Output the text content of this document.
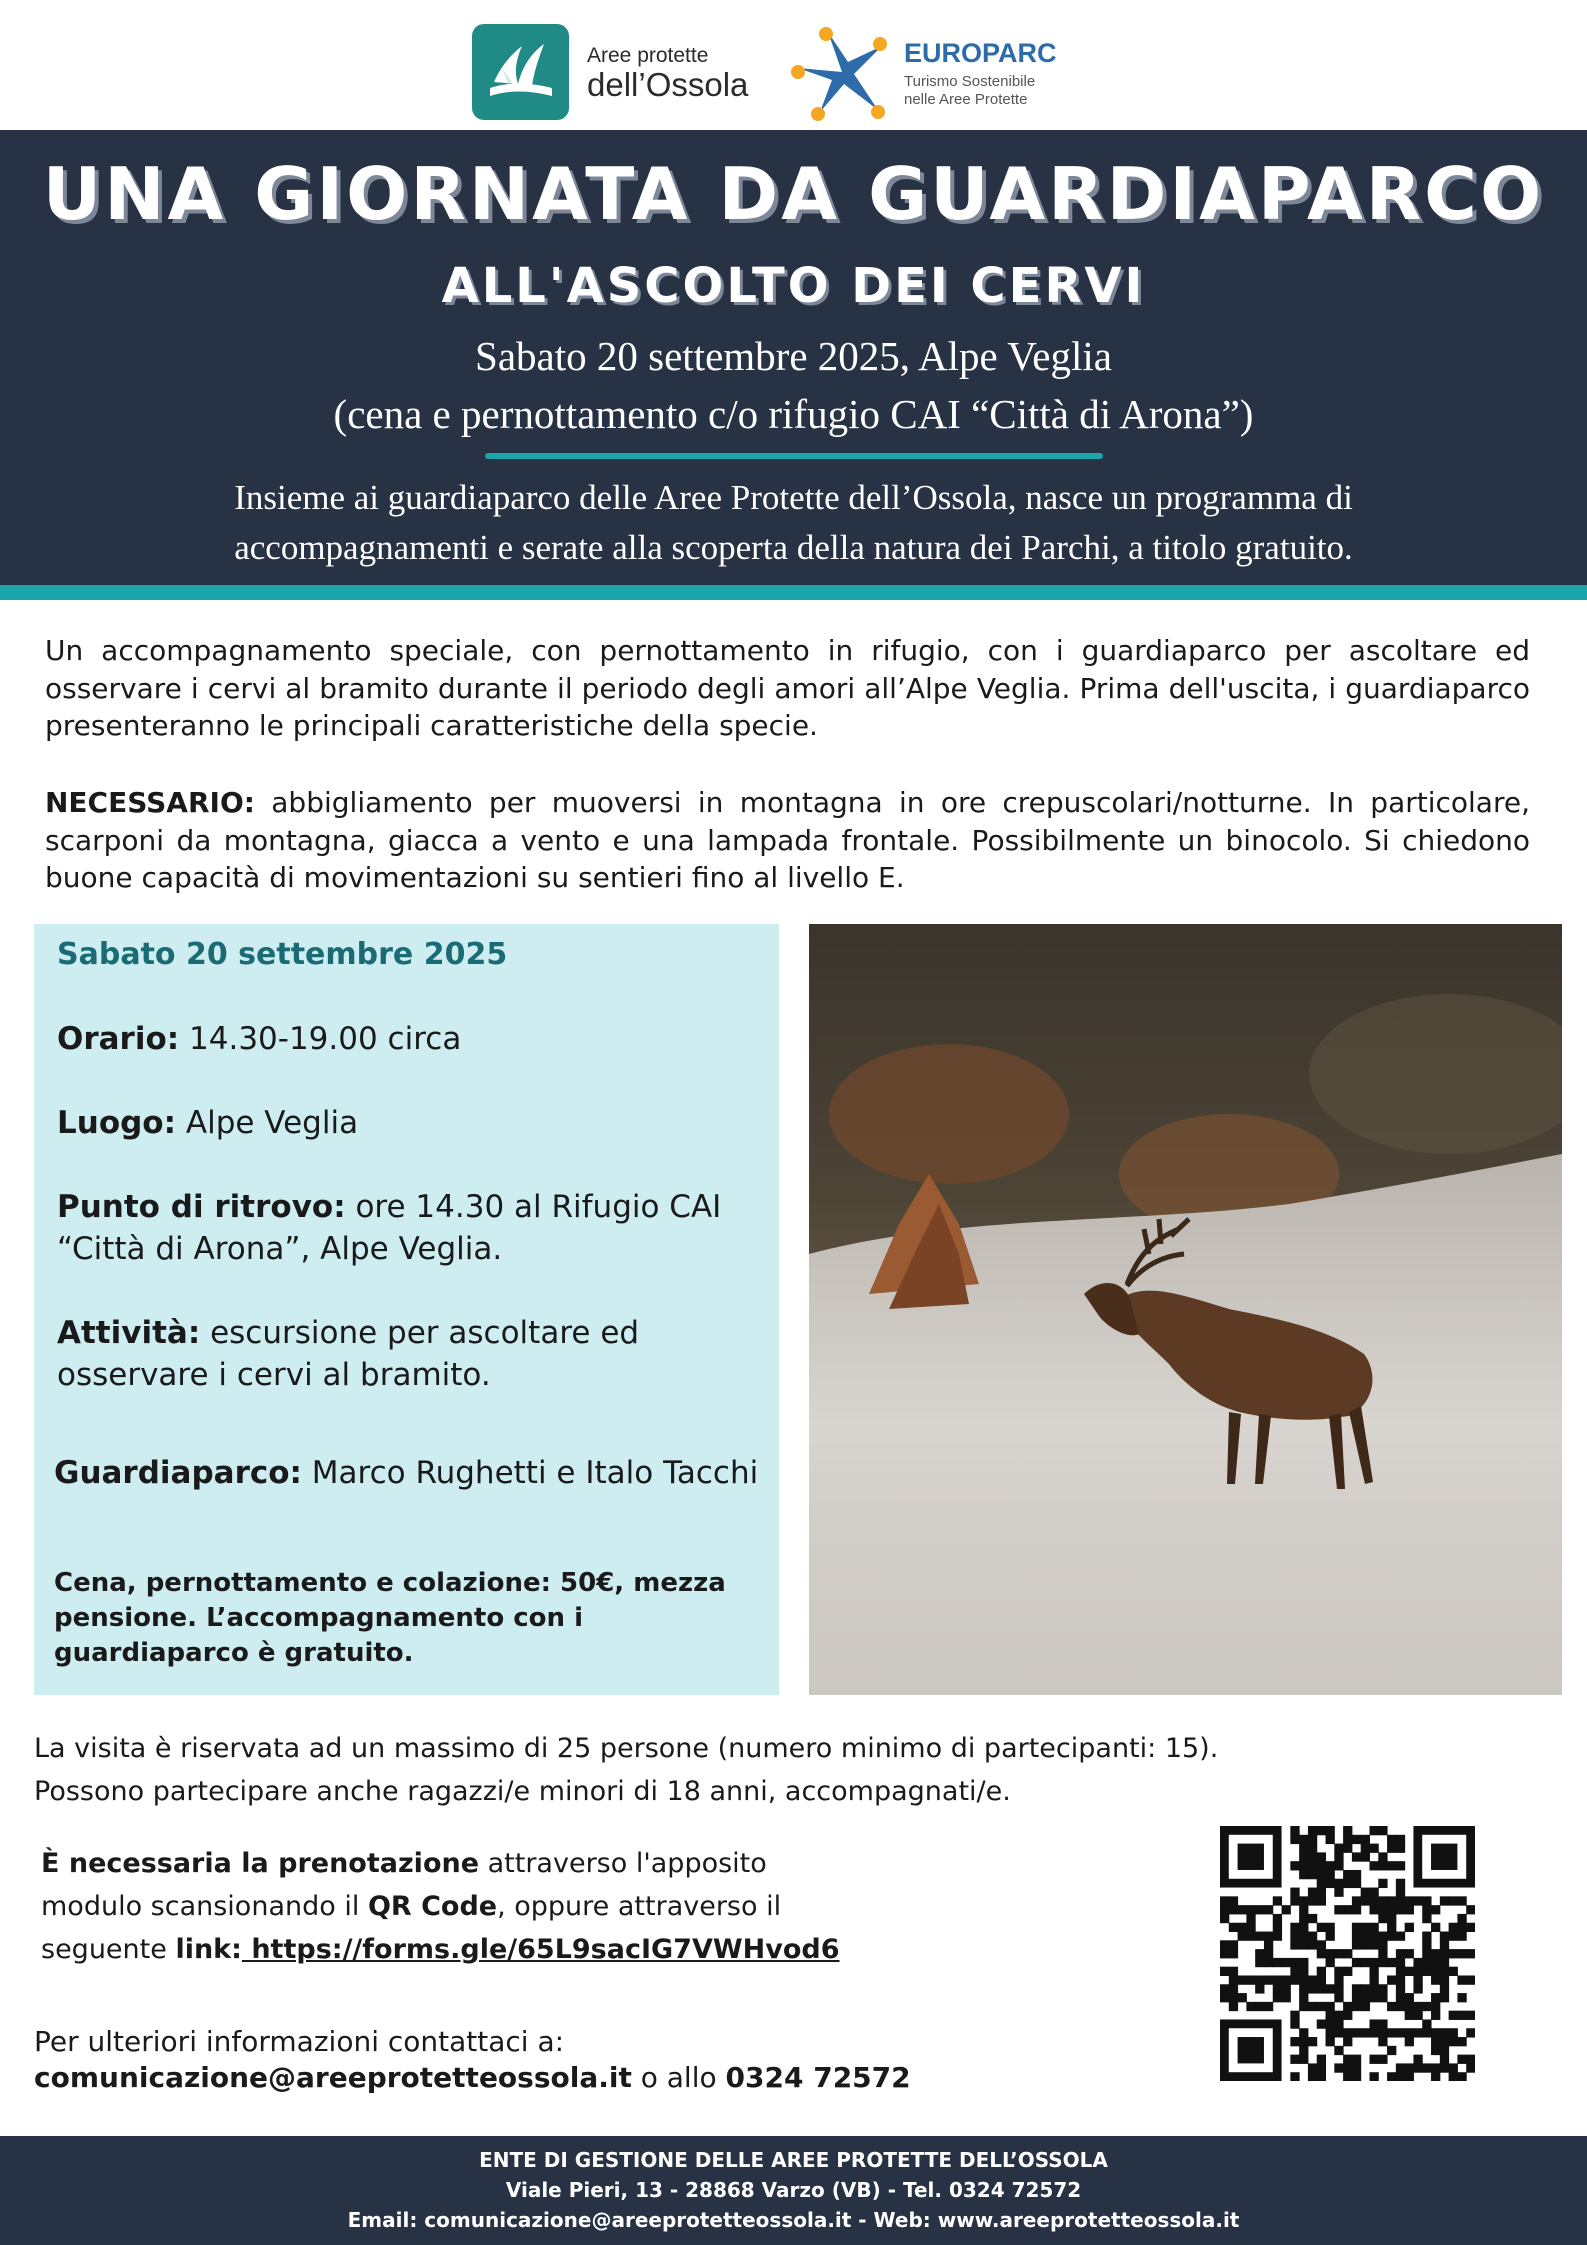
Aree protette
dell’Ossola
EUROPARC
Turismo Sostenibile
nelle Aree Protette
UNA GIORNATA DA GUARDIAPARCO
ALL'ASCOLTO DEI CERVI
Sabato 20 settembre 2025, Alpe Veglia
(cena e pernottamento c/o rifugio CAI “Città di Arona”)
Insieme ai guardiaparco delle Aree Protette dell’Ossola, nasce un programma di
accompagnamenti e serate alla scoperta della natura dei Parchi, a titolo gratuito.
Un accompagnamento speciale, con pernottamento in rifugio, con i guardiaparco per ascoltare ed osservare i cervi al bramito durante il periodo degli amori all’Alpe Veglia. Prima dell'uscita, i guardiaparco presenteranno le principali caratteristiche della specie.
NECESSARIO: abbigliamento per muoversi in montagna in ore crepuscolari/notturne. In particolare, scarponi da montagna, giacca a vento e una lampada frontale. Possibilmente un binocolo. Si chiedono buone capacità di movimentazioni su sentieri fino al livello E.
Sabato 20 settembre 2025
Orario: 14.30-19.00 circa
Luogo: Alpe Veglia
Punto di ritrovo: ore 14.30 al Rifugio CAI “Città di Arona”, Alpe Veglia.
Attività: escursione per ascoltare ed osservare i cervi al bramito.
Guardiaparco: Marco Rughetti e Italo Tacchi
Cena, pernottamento e colazione: 50€, mezza pensione. L’accompagnamento con i guardiaparco è gratuito.
La visita è riservata ad un massimo di 25 persone (numero minimo di partecipanti: 15).
Possono partecipare anche ragazzi/e minori di 18 anni, accompagnati/e.
È necessaria la prenotazione attraverso l'apposito
modulo scansionando il QR Code, oppure attraverso il
seguente link: https://forms.gle/65L9sacIG7VWHvod6
Per ulteriori informazioni contattaci a:
comunicazione@areeprotetteossola.it o allo 0324 72572
ENTE DI GESTIONE DELLE AREE PROTETTE DELL’OSSOLA
Viale Pieri, 13 - 28868 Varzo (VB) - Tel. 0324 72572
Email: comunicazione@areeprotetteossola.it - Web: www.areeprotetteossola.it
